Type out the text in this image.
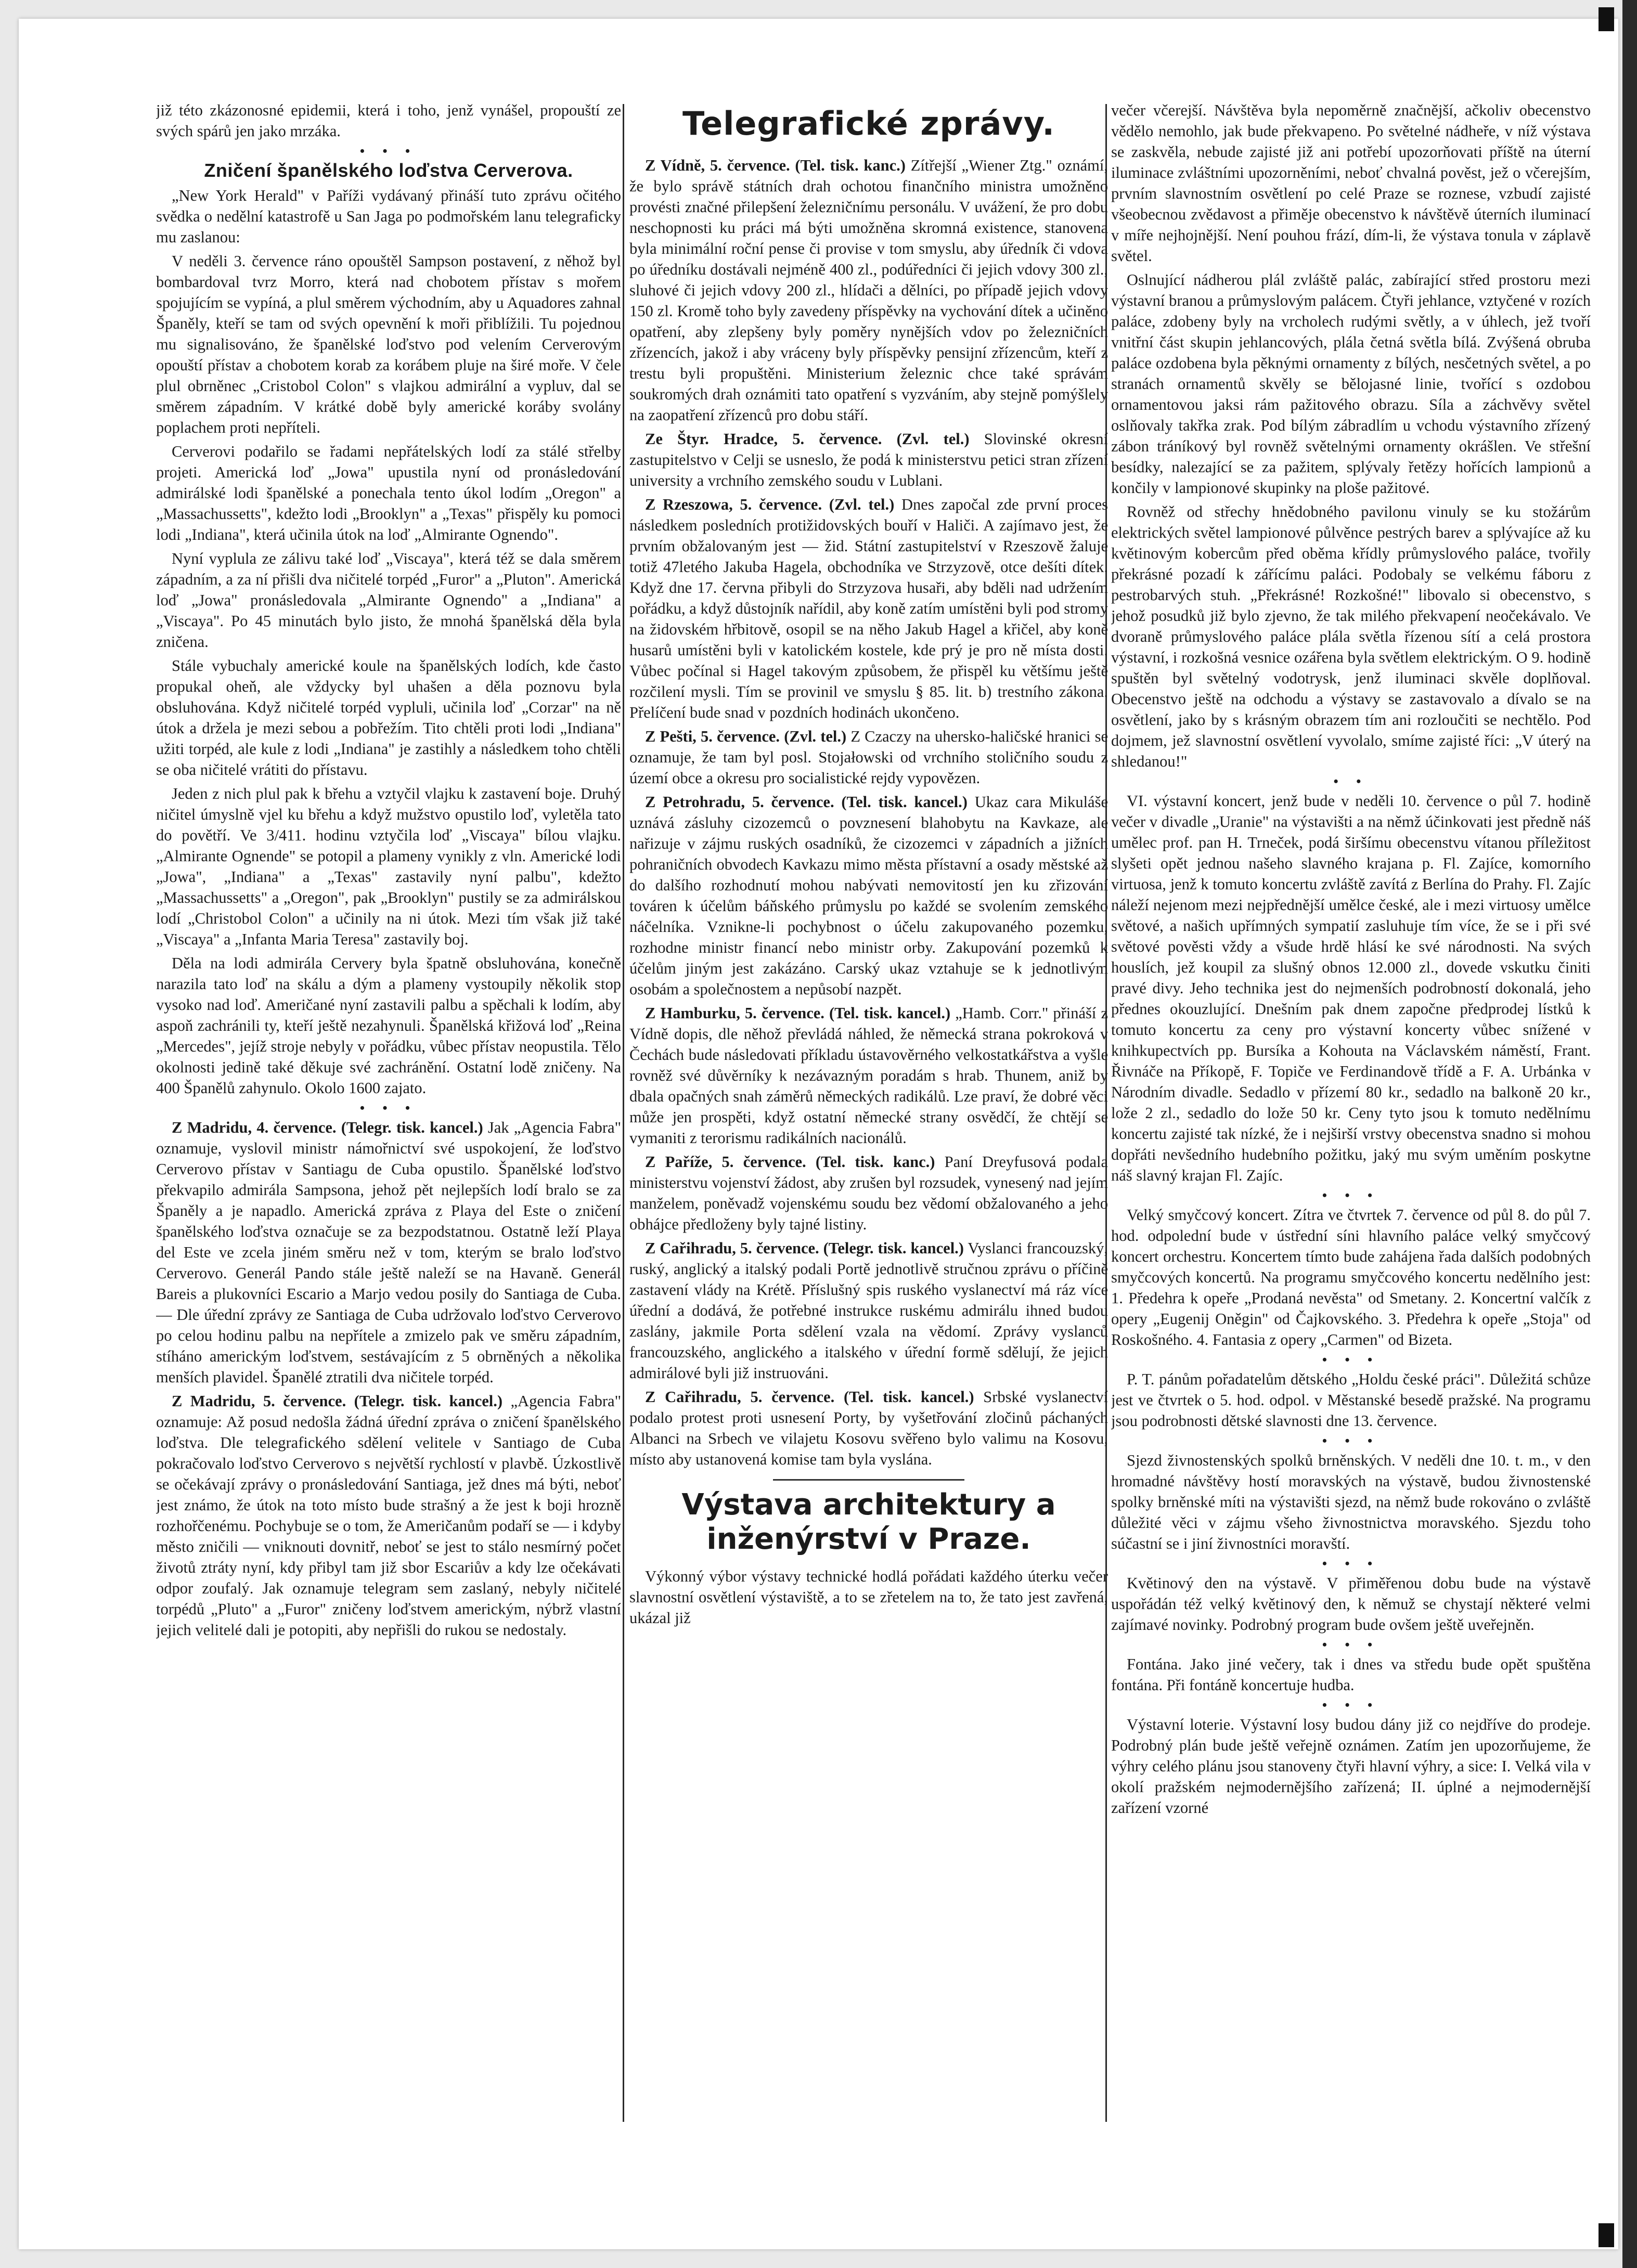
již této zkázonosné epidemii, která i toho, jenž vynášel, propouští ze svých spárů jen jako mrzáka.

• • •
Zničení španělského loďstva Cerverova.

„New York Herald" v Paříži vydávaný přináší tuto zprávu očitého svědka o nedělní katastrofě u San Jaga po podmořském lanu telegraficky mu zaslanou:

V neděli 3. července ráno opouštěl Sampson postavení, z něhož byl bombardoval tvrz Morro, která nad chobotem přístav s mořem spojujícím se vypíná, a plul směrem východním, aby u Aquadores zahnal Španěly, kteří se tam od svých opevnění k moři přiblížili. Tu pojednou mu signalisováno, že španělské loďstvo pod velením Cerverovým opouští přístav a chobotem korab za korábem pluje na širé moře. V čele plul obrněnec „Cristobol Colon" s vlajkou admirální a vypluv, dal se směrem západním. V krátké době byly americké koráby svolány poplachem proti nepříteli.

Cerverovi podařilo se řadami nepřátelských lodí za stálé střelby projeti. Americká loď „Jowa" upustila nyní od pronásledování admirálské lodi španělské a ponechala tento úkol lodím „Oregon" a „Massachussetts", kdežto lodi „Brooklyn" a „Texas" přispěly ku pomoci lodi „Indiana", která učinila útok na loď „Almirante Ognendo".

Nyní vyplula ze zálivu také loď „Viscaya", která též se dala směrem západním, a za ní přišli dva ničitelé torpéd „Furor" a „Pluton". Americká loď „Jowa" pronásledovala „Almirante Ognendo" a „Indiana" a „Viscaya". Po 45 minutách bylo jisto, že mnohá španělská děla byla zničena.

Stále vybuchaly americké koule na španělských lodích, kde často propukal oheň, ale vždycky byl uhašen a děla poznovu byla obsluhována. Když ničitelé torpéd vypluli, učinila loď „Corzar" na ně útok a držela je mezi sebou a pobřežím. Tito chtěli proti lodi „Indiana" užiti torpéd, ale kule z lodi „Indiana" je zastihly a následkem toho chtěli se oba ničitelé vrátiti do přístavu.

Jeden z nich plul pak k břehu a vztyčil vlajku k zastavení boje. Druhý ničitel úmyslně vjel ku břehu a když mužstvo opustilo loď, vyletěla tato do povětří. Ve 3/411. hodinu vztyčila loď „Viscaya" bílou vlajku. „Almirante Ognende" se potopil a plameny vynikly z vln. Americké lodi „Jowa", „Indiana" a „Texas" zastavily nyní palbu", kdežto „Massachussetts" a „Oregon", pak „Brooklyn" pustily se za admirálskou lodí „Christobol Colon" a učinily na ni útok. Mezi tím však již také „Viscaya" a „Infanta Maria Teresa" zastavily boj.

Děla na lodi admirála Cervery byla špatně obsluhována, konečně narazila tato loď na skálu a dým a plameny vystoupily několik stop vysoko nad loď. Američané nyní zastavili palbu a spěchali k lodím, aby aspoň zachránili ty, kteří ještě nezahynuli. Španělská křižová loď „Reina „Mercedes", jejíž stroje nebyly v pořádku, vůbec přístav neopustila. Tělo okolnosti jedině také děkuje své zachránění. Ostatní lodě zničeny. Na 400 Španělů zahynulo. Okolo 1600 zajato.

• • •

Z Madridu, 4. července. (Telegr. tisk. kancel.) Jak „Agencia Fabra" oznamuje, vyslovil ministr námořnictví své uspokojení, že loďstvo Cerverovo přístav v Santiagu de Cuba opustilo. Španělské loďstvo překvapilo admirála Sampsona, jehož pět nejlepších lodí bralo se za Španěly a je napadlo. Americká zpráva z Playa del Este o zničení španělského loďstva označuje se za bezpodstatnou. Ostatně leží Playa del Este ve zcela jiném směru než v tom, kterým se bralo loďstvo Cerverovo. Generál Pando stále ještě naleží se na Havaně. Generál Bareis a plukovníci Escario a Marjo vedou posily do Santiaga de Cuba. — Dle úřední zprávy ze Santiaga de Cuba udržovalo loďstvo Cerverovo po celou hodinu palbu na nepřítele a zmizelo pak ve směru západním, stíháno americkým loďstvem, sestávajícím z 5 obrněných a několika menších plavidel. Španělé ztratili dva ničitele torpéd.

Z Madridu, 5. července. (Telegr. tisk. kancel.) „Agencia Fabra" oznamuje: Až posud nedošla žádná úřední zpráva o zničení španělského loďstva. Dle telegrafického sdělení velitele v Santiago de Cuba pokračovalo loďstvo Cerverovo s největší rychlostí v plavbě. Úzkostlivě se očekávají zprávy o pronásledování Santiaga, jež dnes má býti, neboť jest známo, že útok na toto místo bude strašný a že jest k boji hrozně rozhořčenému. Pochybuje se o tom, že Američanům podaří se — i kdyby město zničili — vniknouti dovnitř, neboť se jest to stálo nesmírný počet životů ztráty nyní, kdy přibyl tam již sbor Escariův a kdy lze očekávati odpor zoufalý. Jak oznamuje telegram sem zaslaný, nebyly ničitelé torpédů „Pluto" a „Furor" zničeny loďstvem americkým, nýbrž vlastní jejich velitelé dali je potopiti, aby nepřišli do rukou se nedostaly.

Telegrafické zprávy.

Z Vídně, 5. července. (Tel. tisk. kanc.) Zítřejší „Wiener Ztg." oznámí, že bylo správě státních drah ochotou finančního ministra umožněno provésti značné přilepšení železničnímu personálu. V uvážení, že pro dobu neschopnosti ku práci má býti umožněna skromná existence, stanovena byla minimální roční pense či provise v tom smyslu, aby úředník či vdova po úředníku dostávali nejméně 400 zl., podúředníci či jejich vdovy 300 zl., sluhové či jejich vdovy 200 zl., hlídači a dělníci, po případě jejich vdovy 150 zl. Kromě toho byly zavedeny příspěvky na vychování dítek a učiněno opatření, aby zlepšeny byly poměry nynějších vdov po železničních zřízencích, jakož i aby vráceny byly příspěvky pensijní zřízencům, kteří z trestu byli propuštěni. Ministerium železnic chce také správám soukromých drah oznámiti tato opatření s vyzváním, aby stejně pomýšlely na zaopatření zřízenců pro dobu stáří.

Ze Štyr. Hradce, 5. července. (Zvl. tel.) Slovinské okresní zastupitelstvo v Celji se usneslo, že podá k ministerstvu petici stran zřízení university a vrchního zemského soudu v Lublani.

Z Rzeszowa, 5. července. (Zvl. tel.) Dnes započal zde první proces následkem posledních protižidovských bouří v Haliči. A zajímavo jest, že prvním obžalovaným jest — žid. Státní zastupitelství v Rzeszově žaluje totiž 47letého Jakuba Hagela, obchodníka ve Strzyzově, otce dešíti dítek. Když dne 17. června přibyli do Strzyzova husaři, aby bděli nad udržením pořádku, a když důstojník nařídil, aby koně zatím umístěni byli pod stromy na židovském hřbitově, osopil se na něho Jakub Hagel a křičel, aby koně husarů umístěni byli v katolickém kostele, kde prý je pro ně místa dosti. Vůbec počínal si Hagel takovým způsobem, že přispěl ku většímu ještě rozčilení mysli. Tím se provinil ve smyslu § 85. lit. b) trestního zákona. Přelíčení bude snad v pozdních hodinách ukončeno.

Z Pešti, 5. července. (Zvl. tel.) Z Czaczy na uhersko-haličské hranici se oznamuje, že tam byl posl. Stojałowski od vrchního stoličního soudu z území obce a okresu pro socialistické rejdy vypovězen.

Z Petrohradu, 5. července. (Tel. tisk. kancel.) Ukaz cara Mikuláše uznává zásluhy cizozemců o povznesení blahobytu na Kavkaze, ale nařizuje v zájmu ruských osadníků, že cizozemci v západních a jižních pohraničních obvodech Kavkazu mimo města přístavní a osady městské až do dalšího rozhodnutí mohou nabývati nemovitostí jen ku zřizování továren k účelům báňského průmyslu po každé se svolením zemského náčelníka. Vznikne-li pochybnost o účelu zakupovaného pozemku, rozhodne ministr financí nebo ministr orby. Zakupování pozemků k účelům jiným jest zakázáno. Carský ukaz vztahuje se k jednotlivým osobám a společnostem a nepůsobí nazpět.

Z Hamburku, 5. července. (Tel. tisk. kancel.) „Hamb. Corr." přináší z Vídně dopis, dle něhož převládá náhled, že německá strana pokroková v Čechách bude následovati příkladu ústavověrného velkostatkářstva a vyšle rovněž své důvěrníky k nezávazným poradám s hrab. Thunem, aniž by dbala opačných snah záměrů německých radikálů. Lze praví, že dobré věci může jen prospěti, když ostatní německé strany osvědčí, že chtějí se vymaniti z terorismu radikálních nacionálů.

Z Paříže, 5. července. (Tel. tisk. kanc.) Paní Dreyfusová podala ministerstvu vojenství žádost, aby zrušen byl rozsudek, vynesený nad jejím manželem, poněvadž vojenskému soudu bez vědomí obžalovaného a jeho obhájce předloženy byly tajné listiny.

Z Cařihradu, 5. července. (Telegr. tisk. kancel.) Vyslanci francouzský, ruský, anglický a italský podali Portě jednotlivě stručnou zprávu o příčině zastavení vlády na Krétě. Příslušný spis ruského vyslanectví má ráz více úřední a dodává, že potřebné instrukce ruskému admirálu ihned budou zaslány, jakmile Porta sdělení vzala na vědomí. Zprávy vyslanců francouzského, anglického a italského v úřední formě sdělují, že jejich admirálové byli již instruováni.

Z Cařihradu, 5. července. (Tel. tisk. kancel.) Srbské vyslanectví podalo protest proti usnesení Porty, by vyšetřování zločinů páchaných Albanci na Srbech ve vilajetu Kosovu svěřeno bylo valimu na Kosovu, místo aby ustanovená komise tam byla vyslána.

Výstava architektury a inženýrství v Praze.

Výkonný výbor výstavy technické hodlá pořádati každého úterku večer slavnostní osvětlení výstaviště, a to se zřetelem na to, že tato jest zavřená, ukázal již

večer včerejší. Návštěva byla nepoměrně značnější, ačkoliv obecenstvo vědělo nemohlo, jak bude překvapeno. Po světelné nádheře, v níž výstava se zaskvěla, nebude zajisté již ani potřebí upozorňovati příště na úterní iluminace zvláštními upozorněními, neboť chvalná pověst, jež o včerejším, prvním slavnostním osvětlení po celé Praze se roznese, vzbudí zajisté všeobecnou zvědavost a přiměje obecenstvo k návštěvě úterních iluminací v míře nejhojnější. Není pouhou frází, dím-li, že výstava tonula v záplavě světel.

Oslnující nádherou plál zvláště palác, zabírající střed prostoru mezi výstavní branou a průmyslovým palácem. Čtyři jehlance, vztyčené v rozích paláce, zdobeny byly na vrcholech rudými světly, a v úhlech, jež tvoří vnitřní část skupin jehlancových, plála četná světla bílá. Zvýšená obruba paláce ozdobena byla pěknými ornamenty z bílých, nesčetných světel, a po stranách ornamentů skvěly se bělojasné linie, tvořící s ozdobou ornamentovou jaksi rám pažitového obrazu. Síla a záchvěvy světel oslňovaly takřka zrak. Pod bílým zábradlím u vchodu výstavního zřízený zábon tráníkový byl rovněž světelnými ornamenty okrášlen. Ve střešní besídky, nalezající se za pažitem, splývaly řetězy hořících lampionů a končily v lampionové skupinky na ploše pažitové.

Rovněž od střechy hnědobného pavilonu vinuly se ku stožárům elektrických světel lampionové půlvěnce pestrých barev a splývajíce až ku květinovým kobercům před oběma křídly průmyslového paláce, tvořily překrásné pozadí k zářícímu paláci. Podobaly se velkému fáboru z pestrobarvých stuh. „Překrásné! Rozkošné!" libovalo si obecenstvo, s jehož posudků již bylo zjevno, že tak milého překvapení neočekávalo. Ve dvoraně průmyslového paláce plála světla řízenou sítí a celá prostora výstavní, i rozkošná vesnice ozářena byla světlem elektrickým. O 9. hodině spuštěn byl světelný vodotrysk, jenž iluminaci skvěle doplňoval. Obecenstvo ještě na odchodu a výstavy se zastavovalo a dívalo se na osvětlení, jako by s krásným obrazem tím ani rozloučiti se nechtělo. Pod dojmem, jež slavnostní osvětlení vyvolalo, smíme zajisté říci: „V úterý na shledanou!"

• •

VI. výstavní koncert, jenž bude v neděli 10. července o půl 7. hodině večer v divadle „Uranie" na výstavišti a na němž účinkovati jest předně náš umělec prof. pan H. Trneček, podá širšímu obecenstvu vítanou příležitost slyšeti opět jednou našeho slavného krajana p. Fl. Zajíce, komorního virtuosa, jenž k tomuto koncertu zvláště zavítá z Berlína do Prahy. Fl. Zajíc náleží nejenom mezi nejpřednější umělce české, ale i mezi virtuosy umělce světové, a našich upřímných sympatií zasluhuje tím více, že se i při své světové pověsti vždy a všude hrdě hlásí ke své národnosti. Na svých houslích, jež koupil za slušný obnos 12.000 zl., dovede vskutku činiti pravé divy. Jeho technika jest do nejmenších podrobností dokonalá, jeho přednes okouzlující. Dnešním pak dnem započne předprodej lístků k tomuto koncertu za ceny pro výstavní koncerty vůbec snížené v knihkupectvích pp. Bursíka a Kohouta na Václavském náměstí, Frant. Řivnáče na Příkopě, F. Topiče ve Ferdinandově třídě a F. A. Urbánka v Národním divadle. Sedadlo v přízemí 80 kr., sedadlo na balkoně 20 kr., lože 2 zl., sedadlo do lože 50 kr. Ceny tyto jsou k tomuto nedělnímu koncertu zajisté tak nízké, že i nejširší vrstvy obecenstva snadno si mohou dopřáti nevšedního hudebního požitku, jaký mu svým uměním poskytne náš slavný krajan Fl. Zajíc.

• • •

Velký smyčcový koncert. Zítra ve čtvrtek 7. července od půl 8. do půl 7. hod. odpolední bude v ústřední síni hlavního paláce velký smyčcový koncert orchestru. Koncertem tímto bude zahájena řada dalších podobných smyčcových koncertů. Na programu smyčcového koncertu nedělního jest: 1. Předehra k opeře „Prodaná nevěsta" od Smetany. 2. Koncertní valčík z opery „Eugenij Oněgin" od Čajkovského. 3. Předehra k opeře „Stoja" od Roskošného. 4. Fantasia z opery „Carmen" od Bizeta.

• • •

P. T. pánům pořadatelům dětského „Holdu české práci". Důležitá schůze jest ve čtvrtek o 5. hod. odpol. v Městanské besedě pražské. Na programu jsou podrobnosti dětské slavnosti dne 13. července.

• • •

Sjezd živnostenských spolků brněnských. V neděli dne 10. t. m., v den hromadné návštěvy hostí moravských na výstavě, budou živnostenské spolky brněnské míti na výstavišti sjezd, na němž bude rokováno o zvláště důležité věci v zájmu všeho živnostnictva moravského. Sjezdu toho súčastní se i jiní živnostníci moravští.

• • •

Květinový den na výstavě. V přiměřenou dobu bude na výstavě uspořádán též velký květinový den, k němuž se chystají některé velmi zajímavé novinky. Podrobný program bude ovšem ještě uveřejněn.

• • •

Fontána. Jako jiné večery, tak i dnes va středu bude opět spuštěna fontána. Při fontáně koncertuje hudba.

• • •

Výstavní loterie. Výstavní losy budou dány již co nejdříve do prodeje. Podrobný plán bude ještě veřejně oznámen. Zatím jen upozorňujeme, že výhry celého plánu jsou stanoveny čtyři hlavní výhry, a sice: I. Velká vila v okolí pražském nejmodernějšího zařízená; II. úplné a nejmodernější zařízení vzorné
